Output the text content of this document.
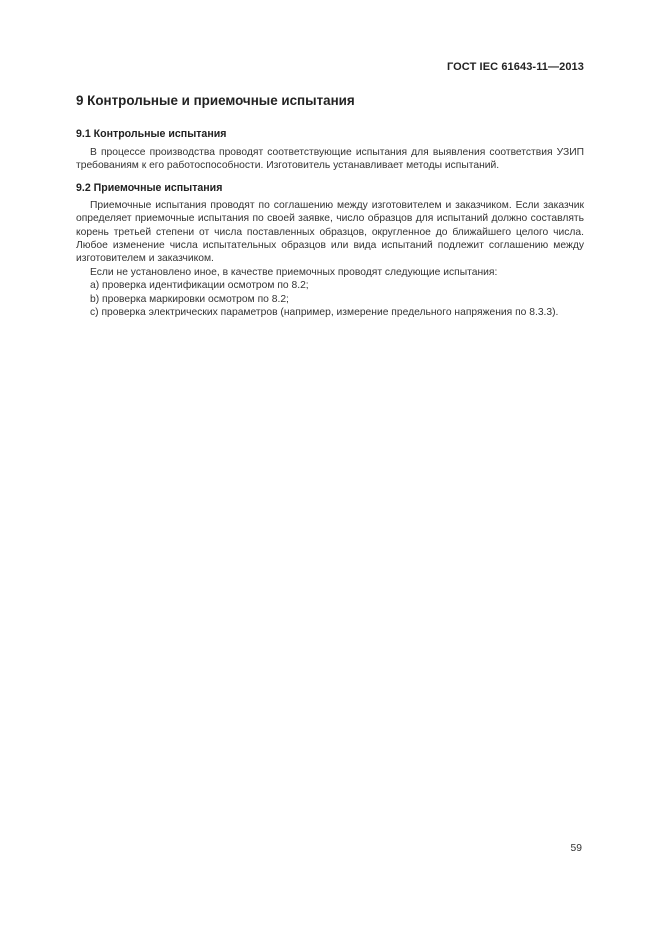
ГОСТ IEC 61643-11—2013
9 Контрольные и приемочные испытания
9.1 Контрольные испытания

В процессе производства проводят соответствующие испытания для выявления соответствия УЗИП требованиям к его работоспособности. Изготовитель устанавливает методы испытаний.

9.2 Приемочные испытания

Приемочные испытания проводят по соглашению между изготовителем и заказчиком. Если заказчик определяет приемочные испытания по своей заявке, число образцов для испытаний должно составлять корень третьей степени от числа поставленных образцов, округленное до ближайшего целого числа. Любое изменение числа испытательных образцов или вида испытаний подлежит соглашению между изготовителем и заказчиком.

Если не установлено иное, в качестве приемочных проводят следующие испытания:

a) проверка идентификации осмотром по 8.2;

b) проверка маркировки осмотром по 8.2;

c) проверка электрических параметров (например, измерение предельного напряжения по 8.3.3).

59
